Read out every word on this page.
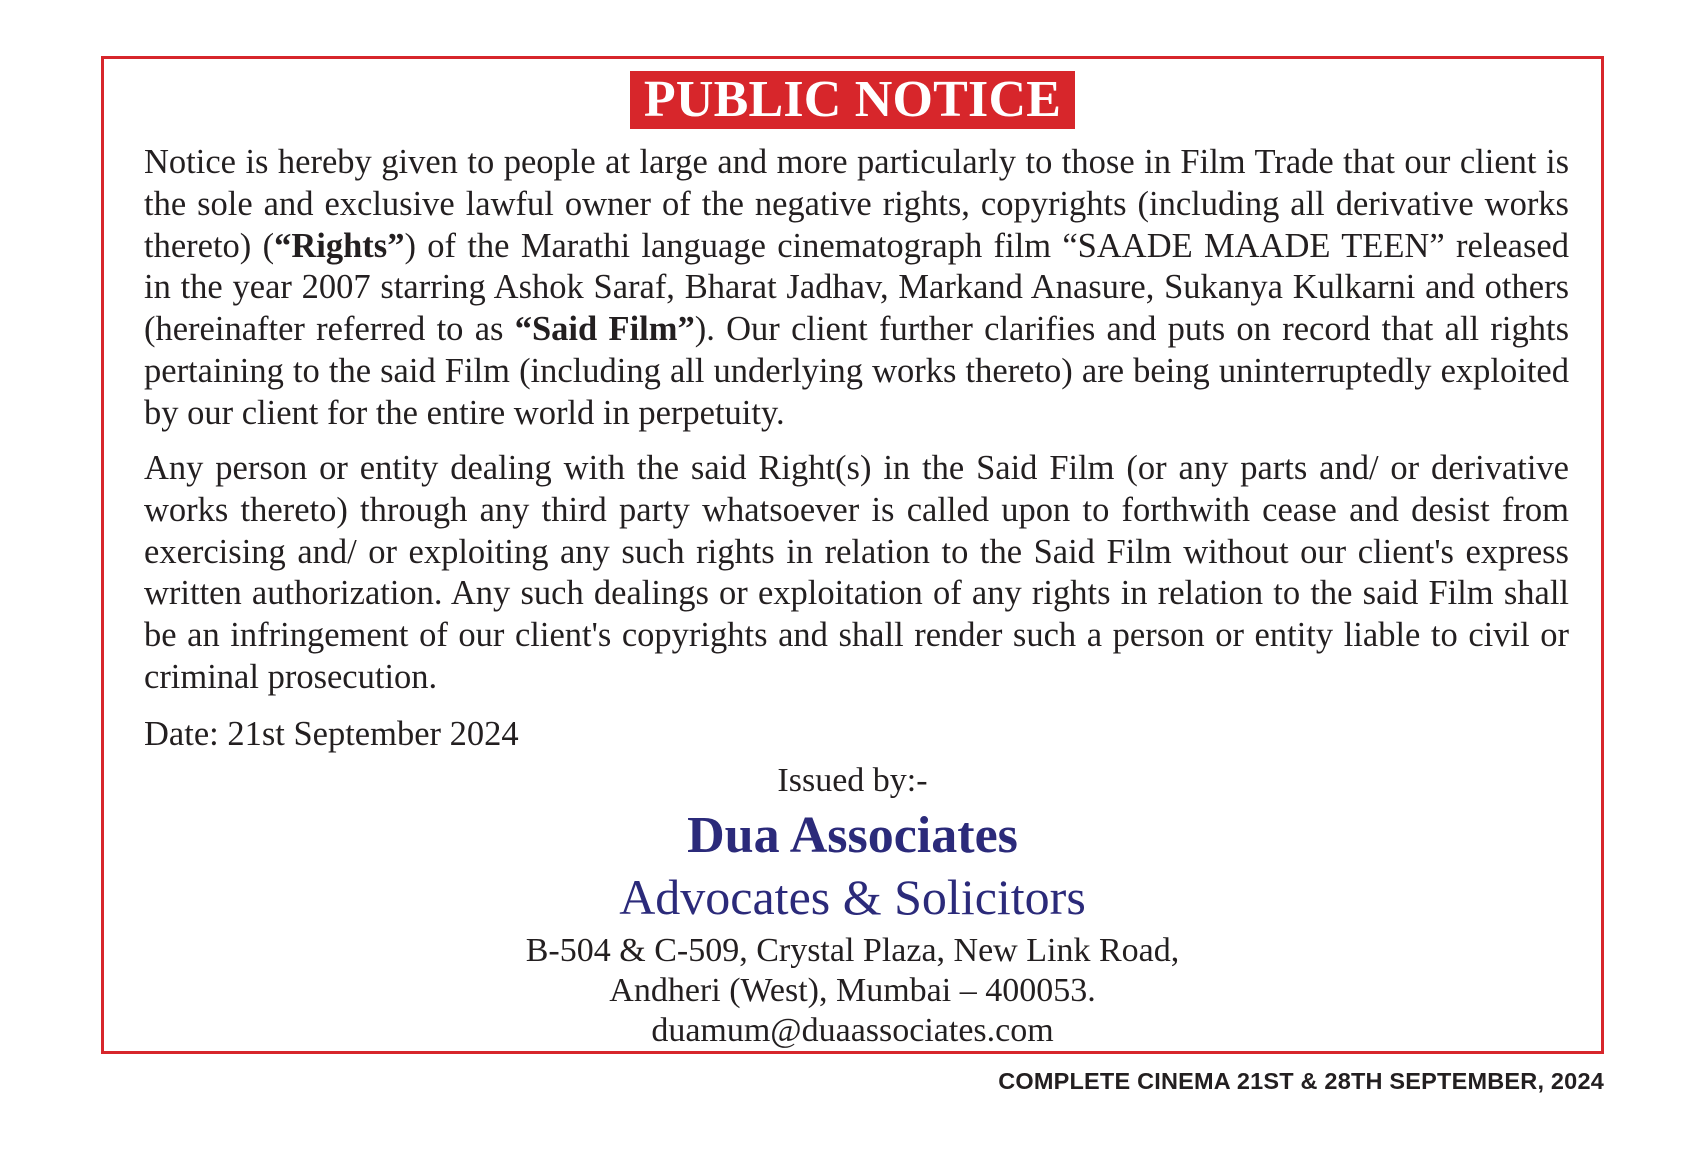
PUBLIC NOTICE
Notice is hereby given to people at large and more particularly to those in Film Trade that our client is the sole and exclusive lawful owner of the negative rights, copyrights (including all derivative works thereto) (“Rights”) of the Marathi language cinematograph film “SAADE MAADE TEEN” released in the year 2007 starring Ashok Saraf, Bharat Jadhav, Markand Anasure, Sukanya Kulkarni and others (hereinafter referred to as “Said Film”). Our client further clarifies and puts on record that all rights pertaining to the said Film (including all underlying works thereto) are being uninterruptedly exploited by our client for the entire world in perpetuity.
Any person or entity dealing with the said Right(s) in the Said Film (or any parts and/ or derivative works thereto) through any third party whatsoever is called upon to forthwith cease and desist from exercising and/ or exploiting any such rights in relation to the Said Film without our client's express written authorization. Any such dealings or exploitation of any rights in relation to the said Film shall be an infringement of our client's copyrights and shall render such a person or entity liable to civil or criminal prosecution.
Date: 21st September 2024
Issued by:-
Dua Associates
Advocates & Solicitors
B-504 & C-509, Crystal Plaza, New Link Road,
Andheri (West), Mumbai – 400053.
duamum@duaassociates.com
COMPLETE CINEMA 21ST & 28TH SEPTEMBER, 2024
